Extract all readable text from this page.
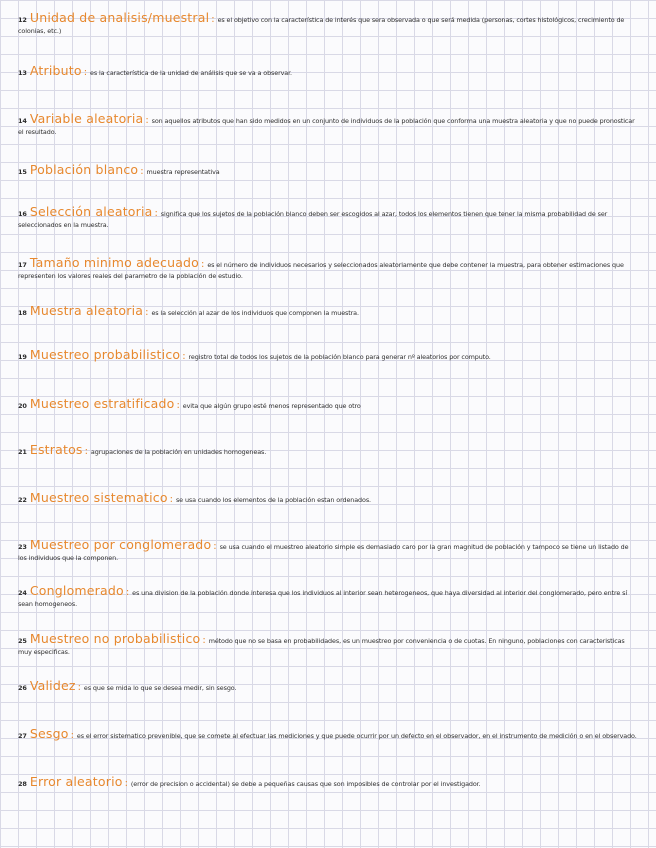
12 Unidad de analisis/muestral : es el objetivo con la característica de interés que sera observada o que será medida (personas, cortes histológicos, crecimiento de colonias, etc.)
13 Atributo : es la característica de la unidad de análisis que se va a observar.
14 Variable aleatoria : son aquellos atributos que han sido medidos en un conjunto de individuos de la población que conforma una muestra aleatoria y que no puede pronosticar el resultado.
15 Población blanco : muestra representativa
16 Selección aleatoria : significa que los sujetos de la población blanco deben ser escogidos al azar, todos los elementos tienen que tener la misma probabilidad de ser seleccionados en la muestra.
17 Tamaño minimo adecuado : es el número de individuos necesarios y seleccionados aleatoriamente que debe contener la muestra, para obtener estimaciones que representen los valores reales del parametro de la población de estudio.
18 Muestra aleatoria : es la selección al azar de los individuos que componen la muestra.
19 Muestreo probabilistico : registro total de todos los sujetos de la población blanco para generar nº aleatorios por computo.
20 Muestreo estratificado : evita que algún grupo esté menos representado que otro
21 Estratos : agrupaciones de la población en unidades homogeneas.
22 Muestreo sistematico : se usa cuando los elementos de la población estan ordenados.
23 Muestreo por conglomerado : se usa cuando el muestreo aleatorio simple es demasiado caro por la gran magnitud de población y tampoco se tiene un listado de los individuos que la componen.
24 Conglomerado : es una division de la población donde interesa que los individuos al interior sean heterogeneos, que haya diversidad al interior del conglomerado, pero entre sí sean homogeneos.
25 Muestreo no probabilistico : método que no se basa en probabilidades, es un muestreo por conveniencia o de cuotas. En ninguno, poblaciones con caracteristicas muy especificas.
26 Validez : es que se mida lo que se desea medir, sin sesgo.
27 Sesgo : es el error sistematico prevenible, que se comete al efectuar las mediciones y que puede ocurrir por un defecto en el observador, en el instrumento de medición o en el observado.
28 Error aleatorio : (error de precision o accidental) se debe a pequeñas causas que son imposibles de controlar por el investigador.
